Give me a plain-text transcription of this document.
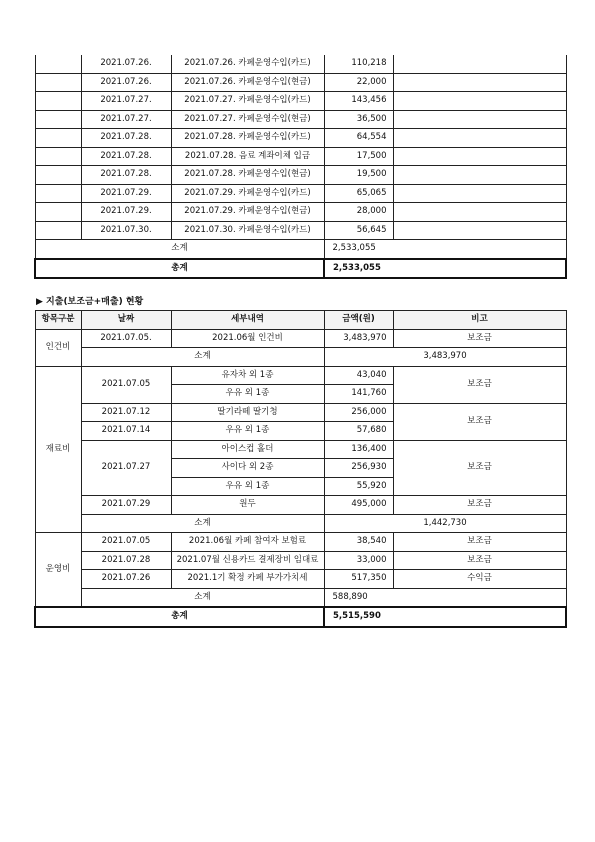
	2021.07.26.	2021.07.26. 카페운영수입(카드)	110,218	
	2021.07.26.	2021.07.26. 카페운영수입(현금)	22,000	
	2021.07.27.	2021.07.27. 카페운영수입(카드)	143,456	
	2021.07.27.	2021.07.27. 카페운영수입(현금)	36,500	
	2021.07.28.	2021.07.28. 카페운영수입(카드)	64,554	
	2021.07.28.	2021.07.28. 음료 계좌이체 입금	17,500	
	2021.07.28.	2021.07.28. 카페운영수입(현금)	19,500	
	2021.07.29.	2021.07.29. 카페운영수입(카드)	65,065	
	2021.07.29.	2021.07.29. 카페운영수입(현금)	28,000	
	2021.07.30.	2021.07.30. 카페운영수입(카드)	56,645	
소계			2,533,055	
총계			2,533,055	
▶ 지출(보조금+매출) 현황
항목구분	날짜	세부내역	금액(원)	비고
인건비	2021.07.05.	2021.06월 인건비	3,483,970	보조금
	소계		3,483,970	
재료비	2021.07.05	유자차 외 1종	43,040	보조금
		우유 외 1종	141,760	
	2021.07.12	딸기라떼 딸기청	256,000	보조금
	2021.07.14	우유 외 1종	57,680	
	2021.07.27	아이스컵 홀더	136,400	보조금
		사이다 외 2종	256,930	
		우유 외 1종	55,920	
	2021.07.29	원두	495,000	보조금
	소계		1,442,730	
운영비	2021.07.05	2021.06월 카페 참여자 보험료	38,540	보조금
	2021.07.28	2021.07월 신용카드 결제장비 임대료	33,000	보조금
	2021.07.26	2021.1기 확정 카페 부가가치세	517,350	수익금
	소계		588,890	
총계			5,515,590	
